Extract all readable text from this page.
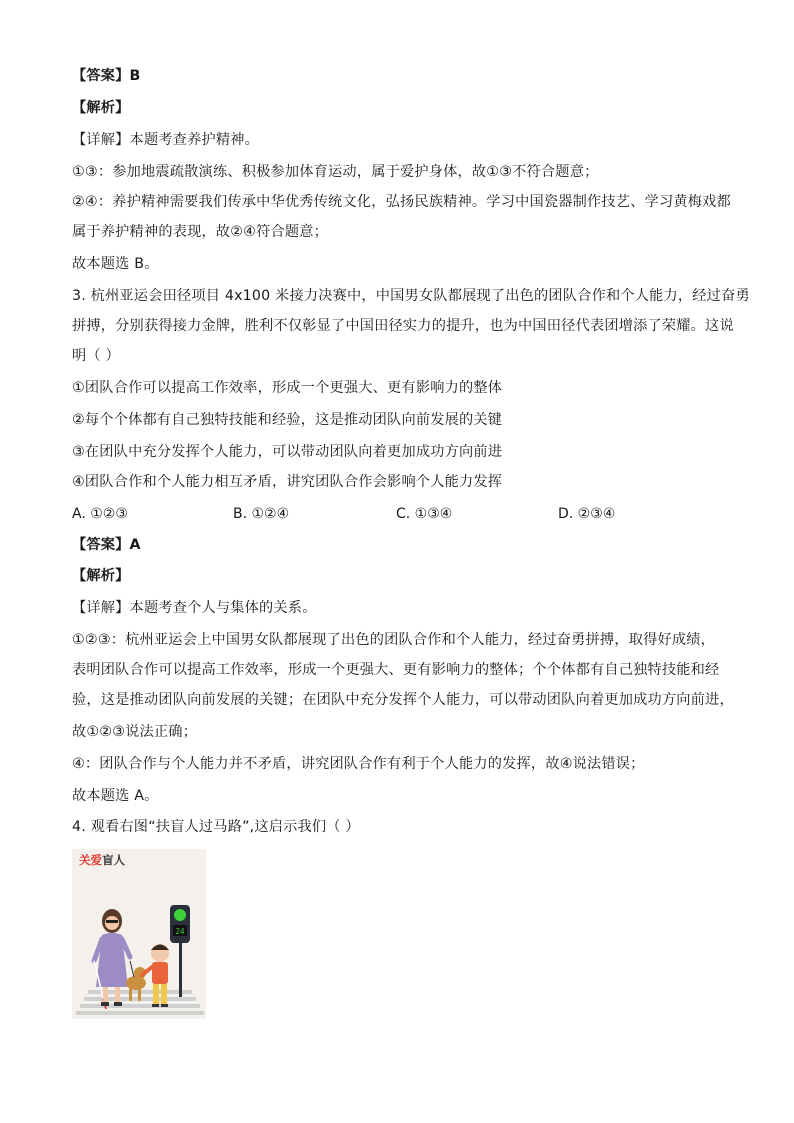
【答案】B
【解析】
【详解】本题考查养护精神。
①③：参加地震疏散演练、积极参加体育运动，属于爱护身体，故①③不符合题意；
②④：养护精神需要我们传承中华优秀传统文化，弘扬民族精神。学习中国瓷器制作技艺、学习黄梅戏都
属于养护精神的表现，故②④符合题意；
故本题选 B。
3. 杭州亚运会田径项目 4x100 米接力决赛中，中国男女队都展现了出色的团队合作和个人能力，经过奋勇
拼搏，分别获得接力金牌，胜利不仅彰显了中国田径实力的提升，也为中国田径代表团增添了荣耀。这说
明（ ）
①团队合作可以提高工作效率，形成一个更强大、更有影响力的整体
②每个个体都有自己独特技能和经验，这是推动团队向前发展的关键
③在团队中充分发挥个人能力，可以带动团队向着更加成功方向前进
④团队合作和个人能力相互矛盾，讲究团队合作会影响个人能力发挥
A. ①②③	B. ①②④	C. ①③④	D. ②③④
【答案】A
【解析】
【详解】本题考查个人与集体的关系。
①②③：杭州亚运会上中国男女队都展现了出色的团队合作和个人能力，经过奋勇拼搏，取得好成绩，
表明团队合作可以提高工作效率，形成一个更强大、更有影响力的整体；个个体都有自己独特技能和经
验，这是推动团队向前发展的关键；在团队中充分发挥个人能力，可以带动团队向着更加成功方向前进，
故①②③说法正确；
④：团队合作与个人能力并不矛盾，讲究团队合作有利于个人能力的发挥，故④说法错误；
故本题选 A。
4. 观看右图“扶盲人过马路”,这启示我们（ ）
关爱盲人
24
